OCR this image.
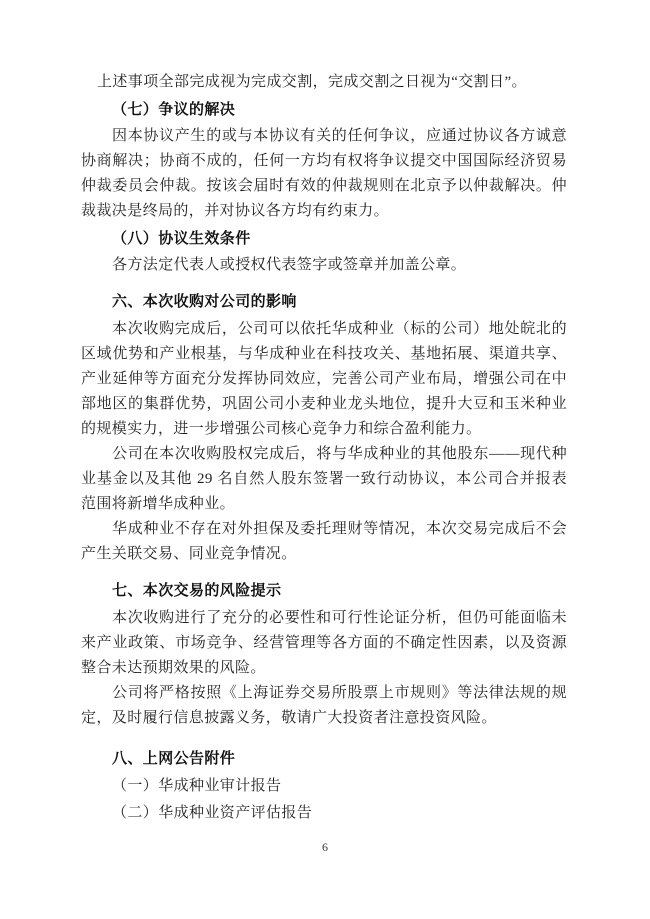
上述事项全部完成视为完成交割，完成交割之日视为“交割日”。

（七）争议的解决

因本协议产生的或与本协议有关的任何争议，应通过协议各方诚意协商解决；协商不成的，任何一方均有权将争议提交中国国际经济贸易仲裁委员会仲裁。按该会届时有效的仲裁规则在北京予以仲裁解决。仲裁裁决是终局的，并对协议各方均有约束力。

（八）协议生效条件

各方法定代表人或授权代表签字或签章并加盖公章。

六、本次收购对公司的影响

本次收购完成后，公司可以依托华成种业（标的公司）地处皖北的区域优势和产业根基，与华成种业在科技攻关、基地拓展、渠道共享、产业延伸等方面充分发挥协同效应，完善公司产业布局，增强公司在中部地区的集群优势，巩固公司小麦种业龙头地位，提升大豆和玉米种业的规模实力，进一步增强公司核心竞争力和综合盈利能力。

公司在本次收购股权完成后，将与华成种业的其他股东——现代种业基金以及其他 29 名自然人股东签署一致行动协议，本公司合并报表范围将新增华成种业。

华成种业不存在对外担保及委托理财等情况，本次交易完成后不会产生关联交易、同业竞争情况。

七、本次交易的风险提示

本次收购进行了充分的必要性和可行性论证分析，但仍可能面临未来产业政策、市场竞争、经营管理等各方面的不确定性因素，以及资源整合未达预期效果的风险。

公司将严格按照《上海证券交易所股票上市规则》等法律法规的规定，及时履行信息披露义务，敬请广大投资者注意投资风险。

八、上网公告附件

（一）华成种业审计报告

（二）华成种业资产评估报告

6
